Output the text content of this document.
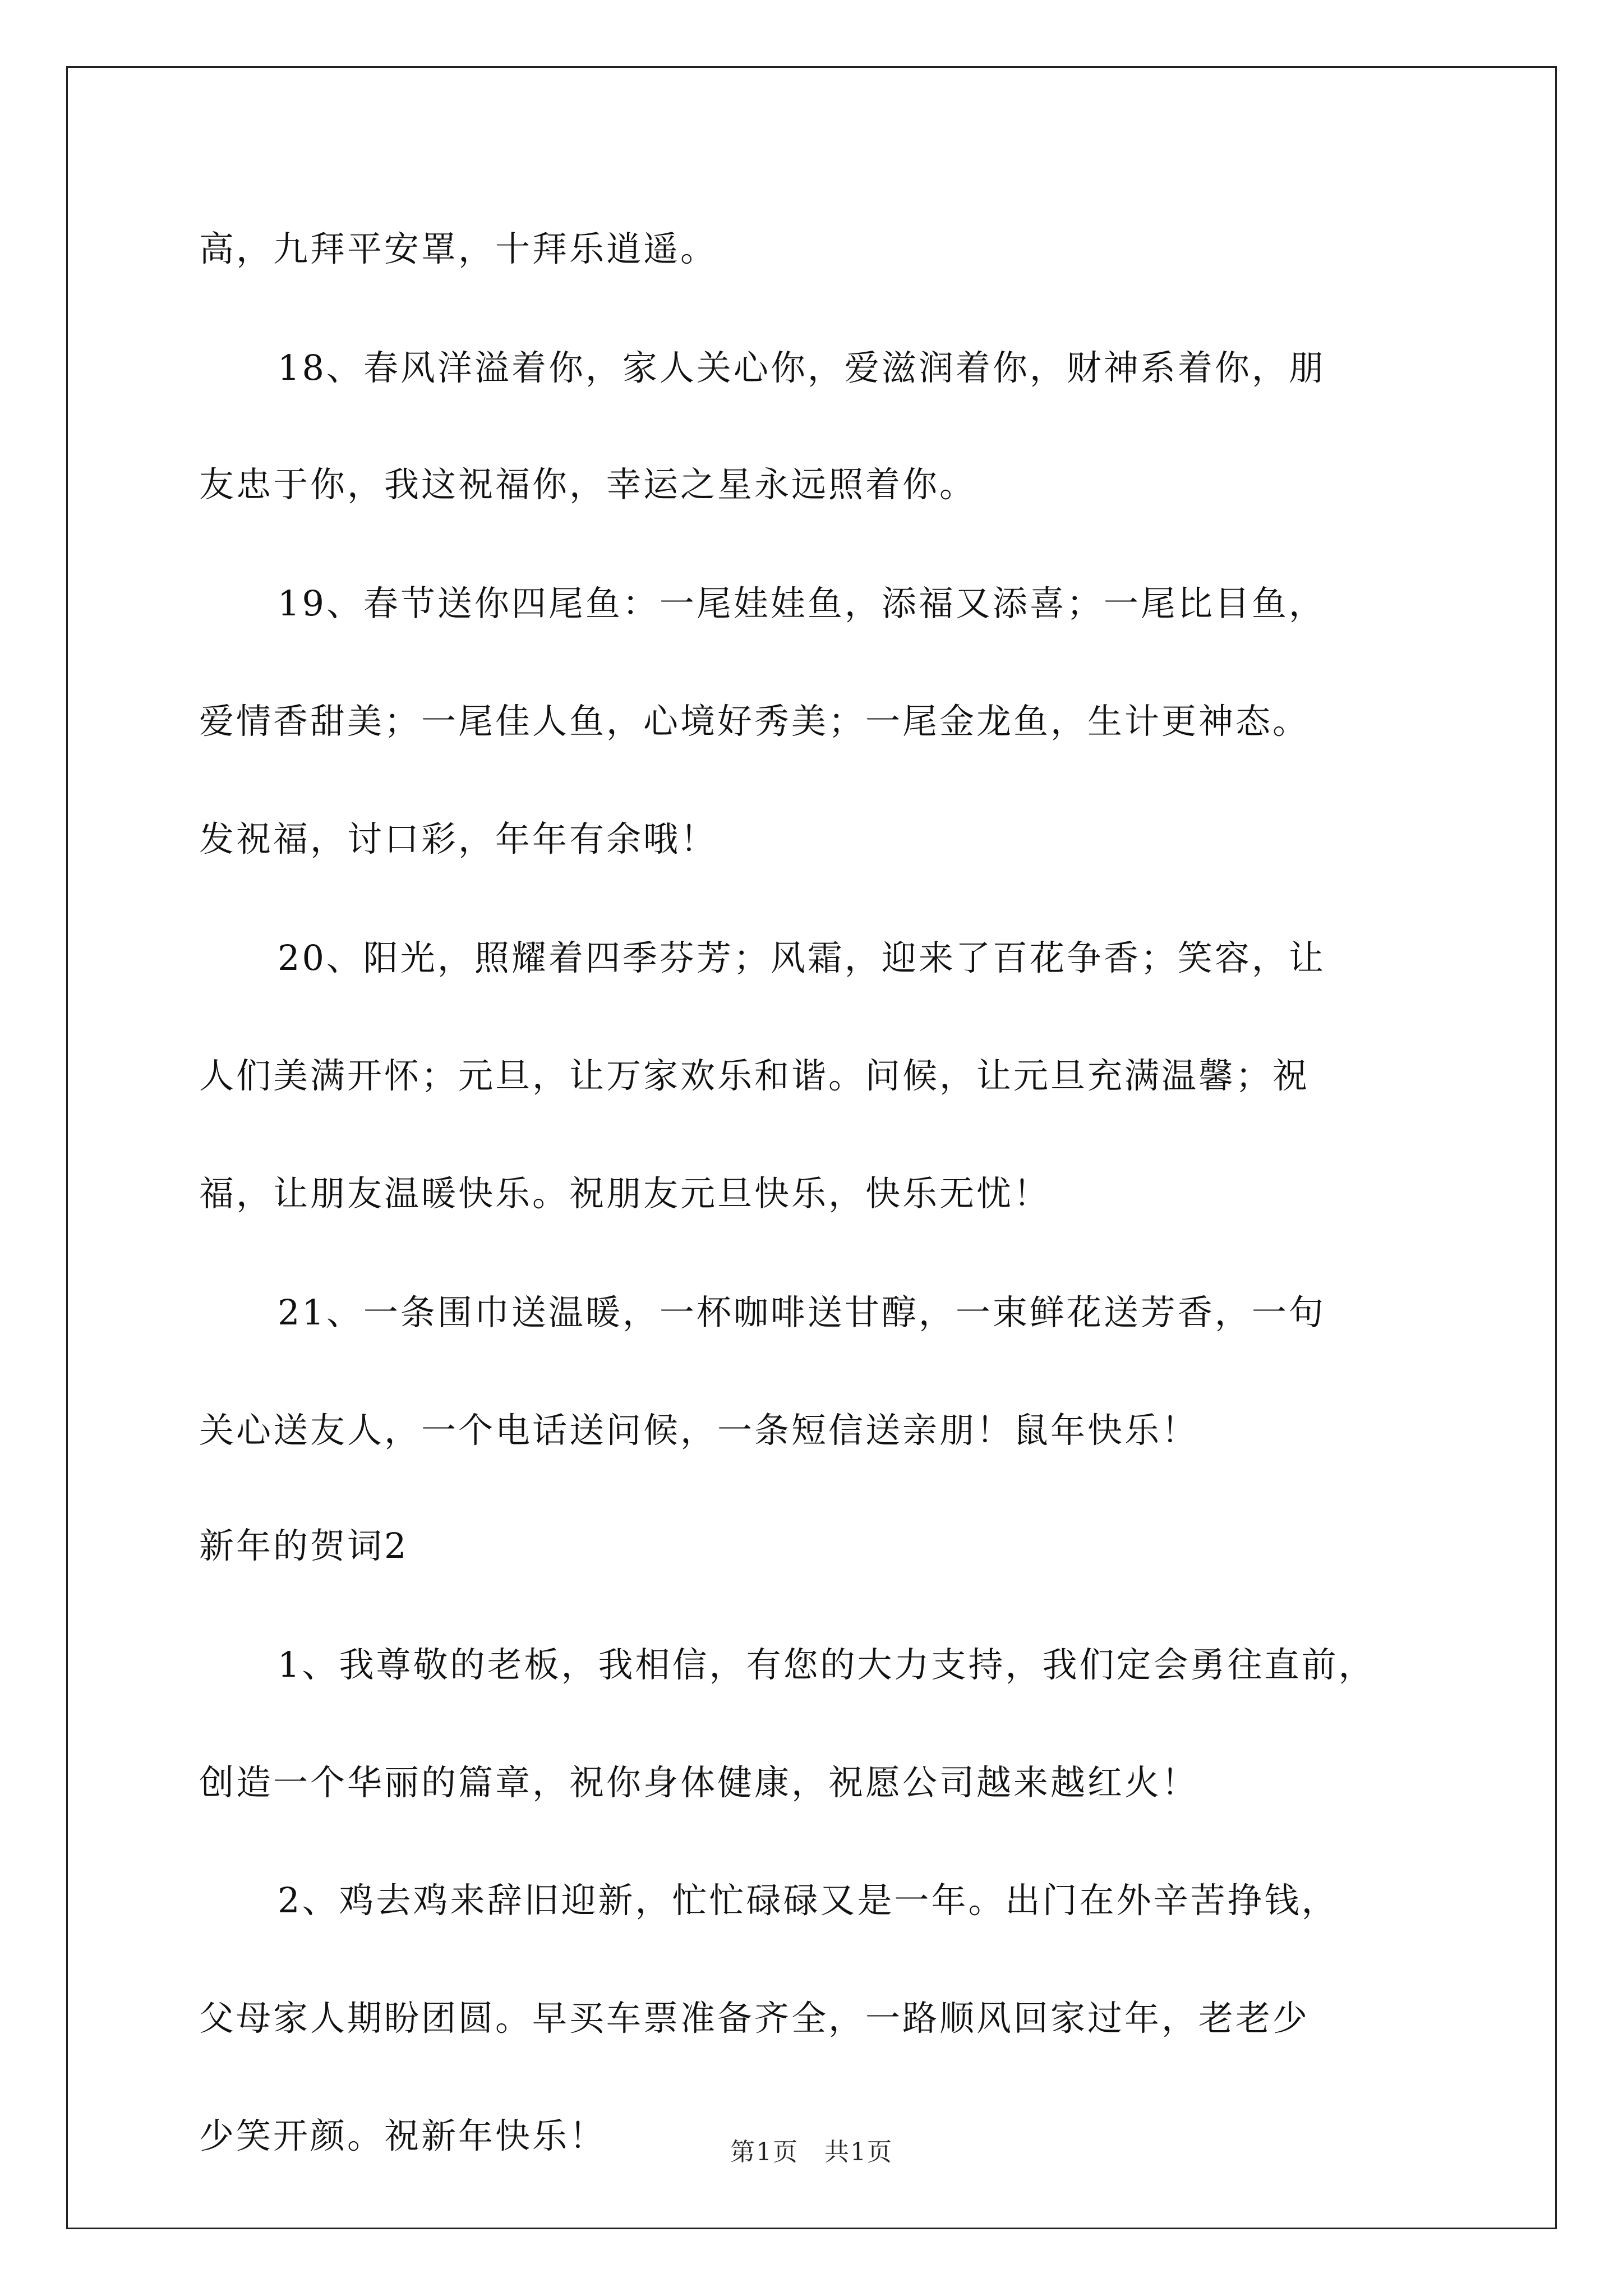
高，九拜平安罩，十拜乐逍遥。
18、春风洋溢着你，家人关心你，爱滋润着你，财神系着你，朋
友忠于你，我这祝福你，幸运之星永远照着你。
19、春节送你四尾鱼：一尾娃娃鱼，添福又添喜；一尾比目鱼，
爱情香甜美；一尾佳人鱼，心境好秀美；一尾金龙鱼，生计更神态。
发祝福，讨口彩，年年有余哦！
20、阳光，照耀着四季芬芳；风霜，迎来了百花争香；笑容，让
人们美满开怀；元旦，让万家欢乐和谐。问候，让元旦充满温馨；祝
福，让朋友温暖快乐。祝朋友元旦快乐，快乐无忧！
21、一条围巾送温暖，一杯咖啡送甘醇，一束鲜花送芳香，一句
关心送友人，一个电话送问候，一条短信送亲朋！鼠年快乐！
新年的贺词2
1、我尊敬的老板，我相信，有您的大力支持，我们定会勇往直前，
创造一个华丽的篇章，祝你身体健康，祝愿公司越来越红火！
2、鸡去鸡来辞旧迎新，忙忙碌碌又是一年。出门在外辛苦挣钱，
父母家人期盼团圆。早买车票准备齐全，一路顺风回家过年，老老少
少笑开颜。祝新年快乐！	第1页　共1页
